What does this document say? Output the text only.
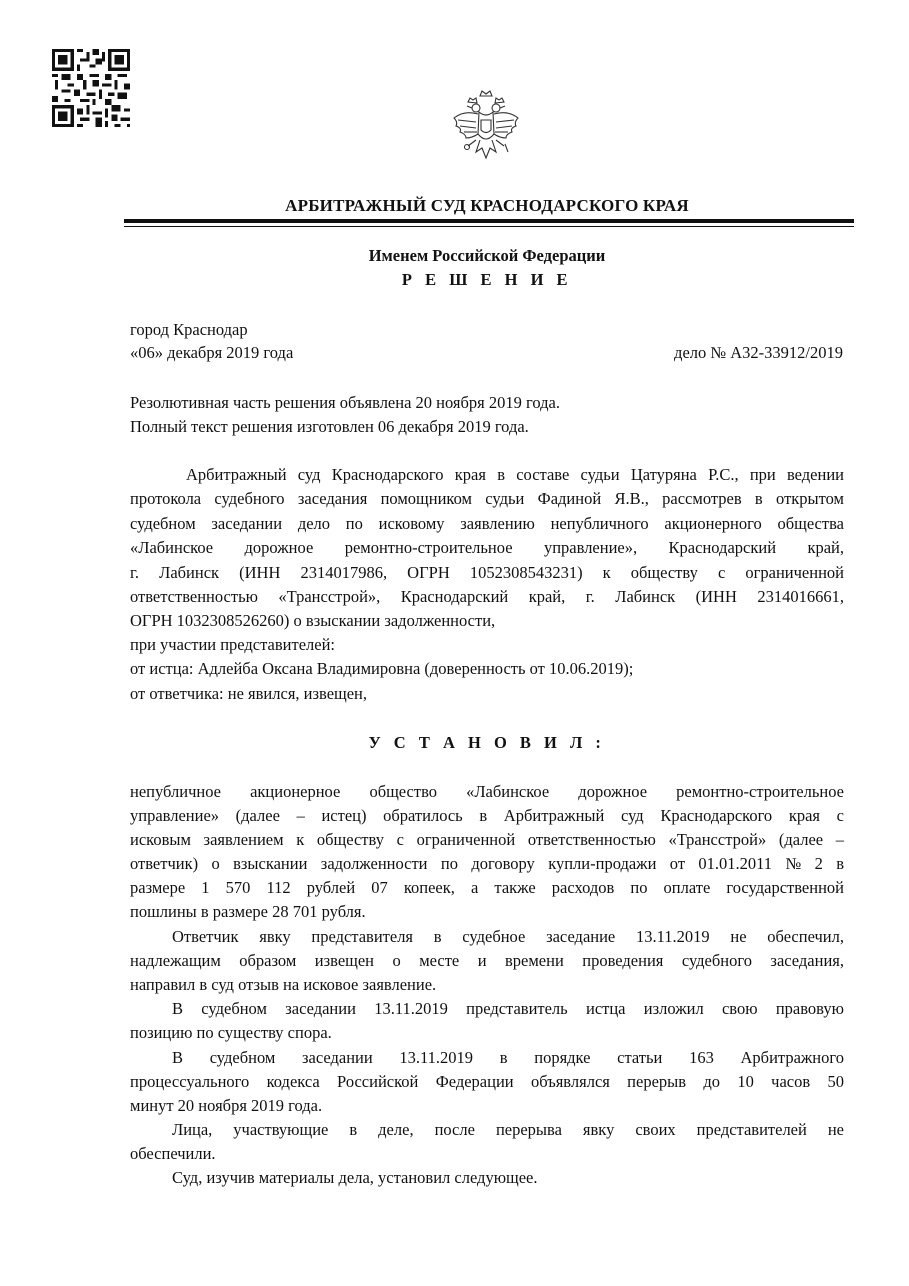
АРБИТРАЖНЫЙ СУД КРАСНОДАРСКОГО КРАЯ
Именем Российской Федерации
Р Е Ш Е Н И Е
город Краснодар
«06» декабря 2019 года	дело № А32-33912/2019
Резолютивная часть решения объявлена 20 ноября 2019 года.
Полный текст решения изготовлен 06 декабря 2019 года.
Арбитражный суд Краснодарского края в составе судьи Цатуряна Р.С., при ведении
протокола судебного заседания помощником судьи Фадиной Я.В., рассмотрев в открытом
судебном заседании дело по исковому заявлению непубличного акционерного общества
«Лабинское дорожное ремонтно-строительное управление», Краснодарский край,
г. Лабинск (ИНН 2314017986, ОГРН 1052308543231) к обществу с ограниченной
ответственностью «Трансстрой», Краснодарский край, г. Лабинск (ИНН 2314016661,
ОГРН 1032308526260) о взыскании задолженности,
при участии представителей:
от истца: Адлейба Оксана Владимировна (доверенность от 10.06.2019);
от ответчика: не явился, извещен,
У С Т А Н О В И Л :
непубличное акционерное общество «Лабинское дорожное ремонтно-строительное
управление» (далее – истец) обратилось в Арбитражный суд Краснодарского края с
исковым заявлением к обществу с ограниченной ответственностью «Трансстрой» (далее –
ответчик) о взыскании задолженности по договору купли-продажи от 01.01.2011 № 2 в
размере 1 570 112 рублей 07 копеек, а также расходов по оплате государственной
пошлины в размере 28 701 рубля.
Ответчик явку представителя в судебное заседание 13.11.2019 не обеспечил,
надлежащим образом извещен о месте и времени проведения судебного заседания,
направил в суд отзыв на исковое заявление.
В судебном заседании 13.11.2019 представитель истца изложил свою правовую
позицию по существу спора.
В судебном заседании 13.11.2019 в порядке статьи 163 Арбитражного
процессуального кодекса Российской Федерации объявлялся перерыв до 10 часов 50
минут 20 ноября 2019 года.
Лица, участвующие в деле, после перерыва явку своих представителей не
обеспечили.
Суд, изучив материалы дела, установил следующее.
